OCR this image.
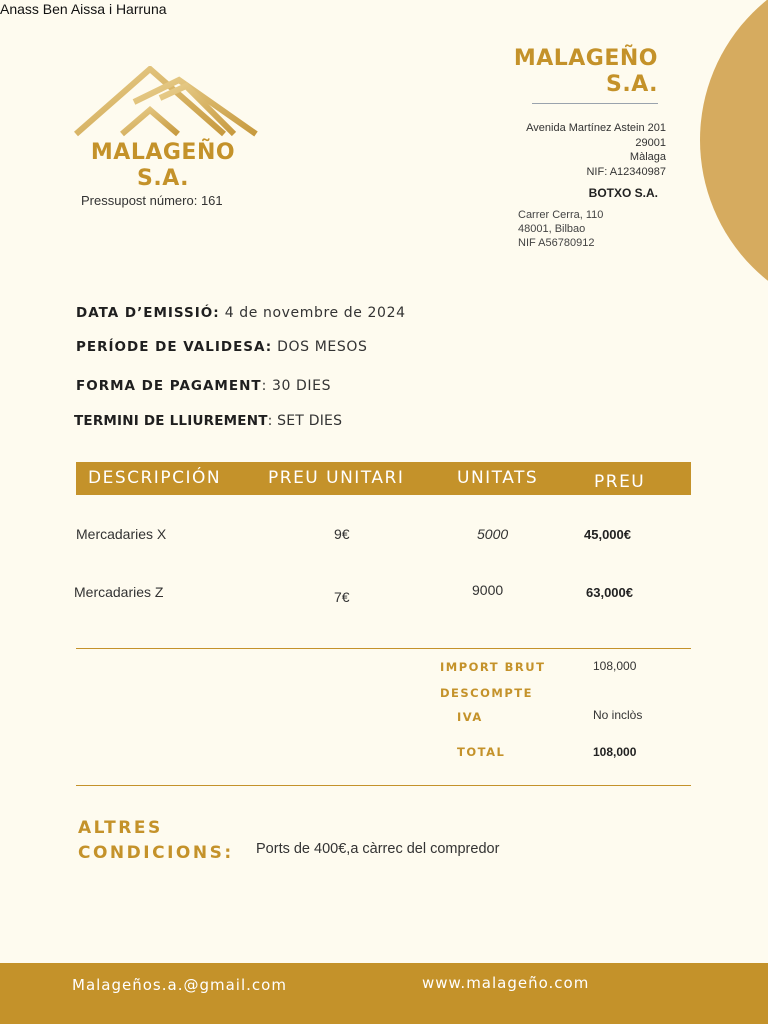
Anass Ben Aissa i Harruna
MALAGEÑO
S.A.
Pressupost número: 161
MALAGEÑO
S.A.
Avenida Martínez Astein 201
29001
Màlaga
NIF: A12340987
BOTXO S.A.
Carrer Cerra, 110
48001, Bilbao
NIF A56780912
DATA D’EMISSIÓ: 4 de novembre de 2024
PERÍODE DE VALIDESA: DOS MESOS
FORMA DE PAGAMENT: 30 DIES
TERMINI DE LLIUREMENT: SET DIES
DESCRIPCIÓN	PREU UNITARI	UNITATS	PREU
Mercadaries X	9€	5000	45,000€
Mercadaries Z	7€	9000	63,000€
IMPORT BRUT	108,000
DESCOMPTE
IVA	No inclòs
TOTAL	108,000
ALTRES
CONDICIONS: Ports de 400€,a càrrec del compredor
Malageños.a.@gmail.com	www.malageño.com
